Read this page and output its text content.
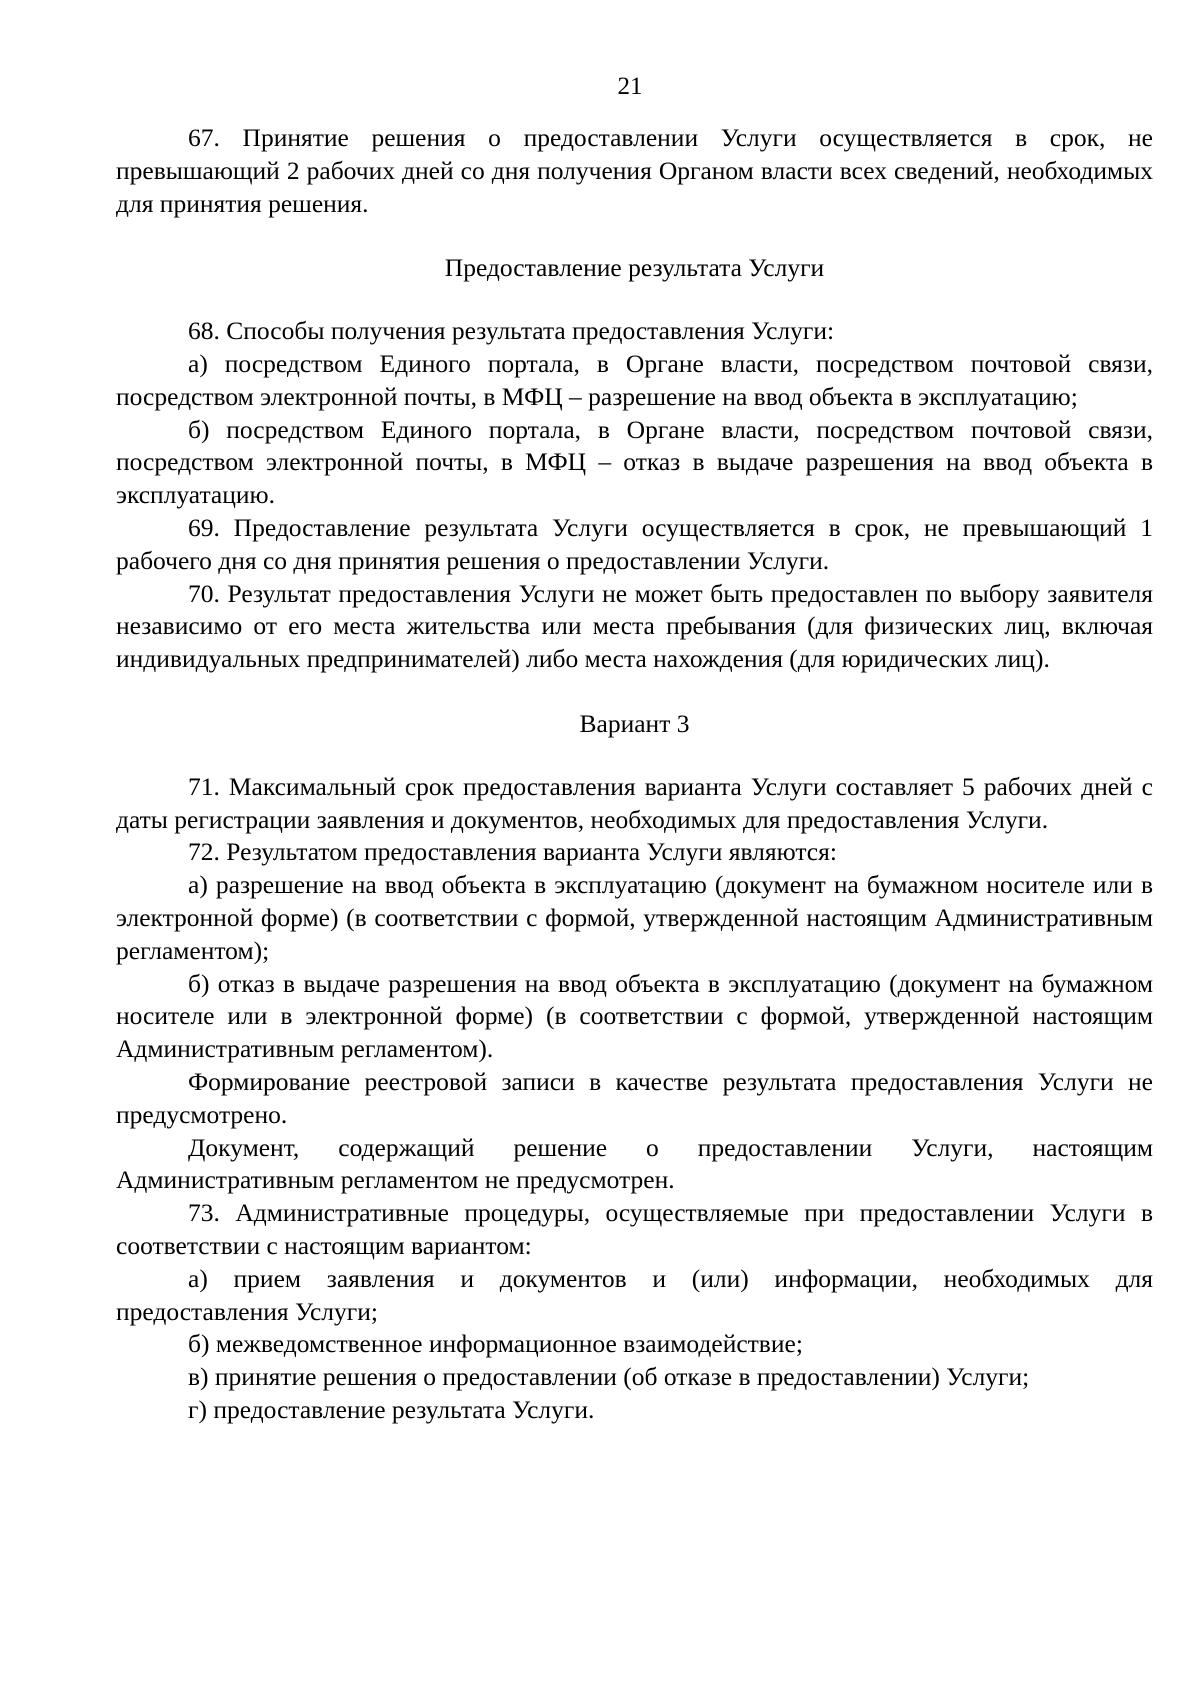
21

67. Принятие решения о предоставлении Услуги осуществляется в срок, не превышающий 2 рабочих дней со дня получения Органом власти всех сведений, необходимых для принятия решения.

Предоставление результата Услуги

68. Способы получения результата предоставления Услуги:

а) посредством Единого портала, в Органе власти, посредством почтовой связи, посредством электронной почты, в МФЦ – разрешение на ввод объекта в эксплуатацию;

б) посредством Единого портала, в Органе власти, посредством почтовой связи, посредством электронной почты, в МФЦ – отказ в выдаче разрешения на ввод объекта в эксплуатацию.

69. Предоставление результата Услуги осуществляется в срок, не превышающий 1 рабочего дня со дня принятия решения о предоставлении Услуги.

70. Результат предоставления Услуги не может быть предоставлен по выбору заявителя независимо от его места жительства или места пребывания (для физических лиц, включая индивидуальных предпринимателей) либо места нахождения (для юридических лиц).

Вариант 3

71. Максимальный срок предоставления варианта Услуги составляет 5 рабочих дней с даты регистрации заявления и документов, необходимых для предоставления Услуги.

72. Результатом предоставления варианта Услуги являются:

а) разрешение на ввод объекта в эксплуатацию (документ на бумажном носителе или в электронной форме) (в соответствии с формой, утвержденной настоящим Административным регламентом);

б) отказ в выдаче разрешения на ввод объекта в эксплуатацию (документ на бумажном носителе или в электронной форме) (в соответствии с формой, утвержденной настоящим Административным регламентом).

Формирование реестровой записи в качестве результата предоставления Услуги не предусмотрено.

Документ, содержащий решение о предоставлении Услуги, настоящим Административным регламентом не предусмотрен.

73. Административные процедуры, осуществляемые при предоставлении Услуги в соответствии с настоящим вариантом:

а) прием заявления и документов и (или) информации, необходимых для предоставления Услуги;

б) межведомственное информационное взаимодействие;

в) принятие решения о предоставлении (об отказе в предоставлении) Услуги;

г) предоставление результата Услуги.
